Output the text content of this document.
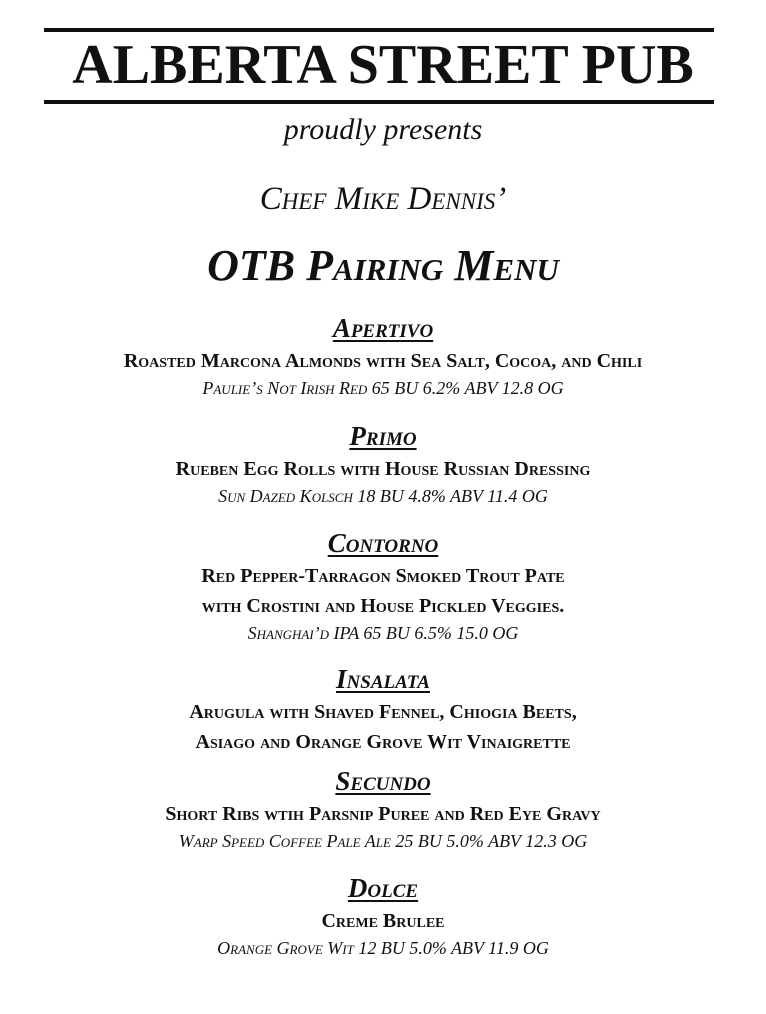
ALBERTA STREET PUB
proudly presents
Chef Mike Dennis’
OTB Pairing Menu
Apertivo
Roasted Marcona Almonds with Sea Salt, Cocoa, and Chili
Paulie’s Not Irish Red 65 BU 6.2% ABV 12.8 OG
Primo
Rueben Egg Rolls with House Russian Dressing
Sun Dazed Kolsch 18 BU 4.8% ABV 11.4 OG
Contorno
Red Pepper-Tarragon Smoked Trout Pate
with Crostini and House Pickled Veggies.
Shanghai’d IPA 65 BU 6.5% 15.0 OG
Insalata
Arugula with Shaved Fennel, Chiogia Beets,
Asiago and Orange Grove Wit Vinaigrette
Secundo
Short Ribs wtih Parsnip Puree and Red Eye Gravy
Warp Speed Coffee Pale Ale 25 BU 5.0% ABV 12.3 OG
Dolce
Creme Brulee
Orange Grove Wit 12 BU 5.0% ABV 11.9 OG
